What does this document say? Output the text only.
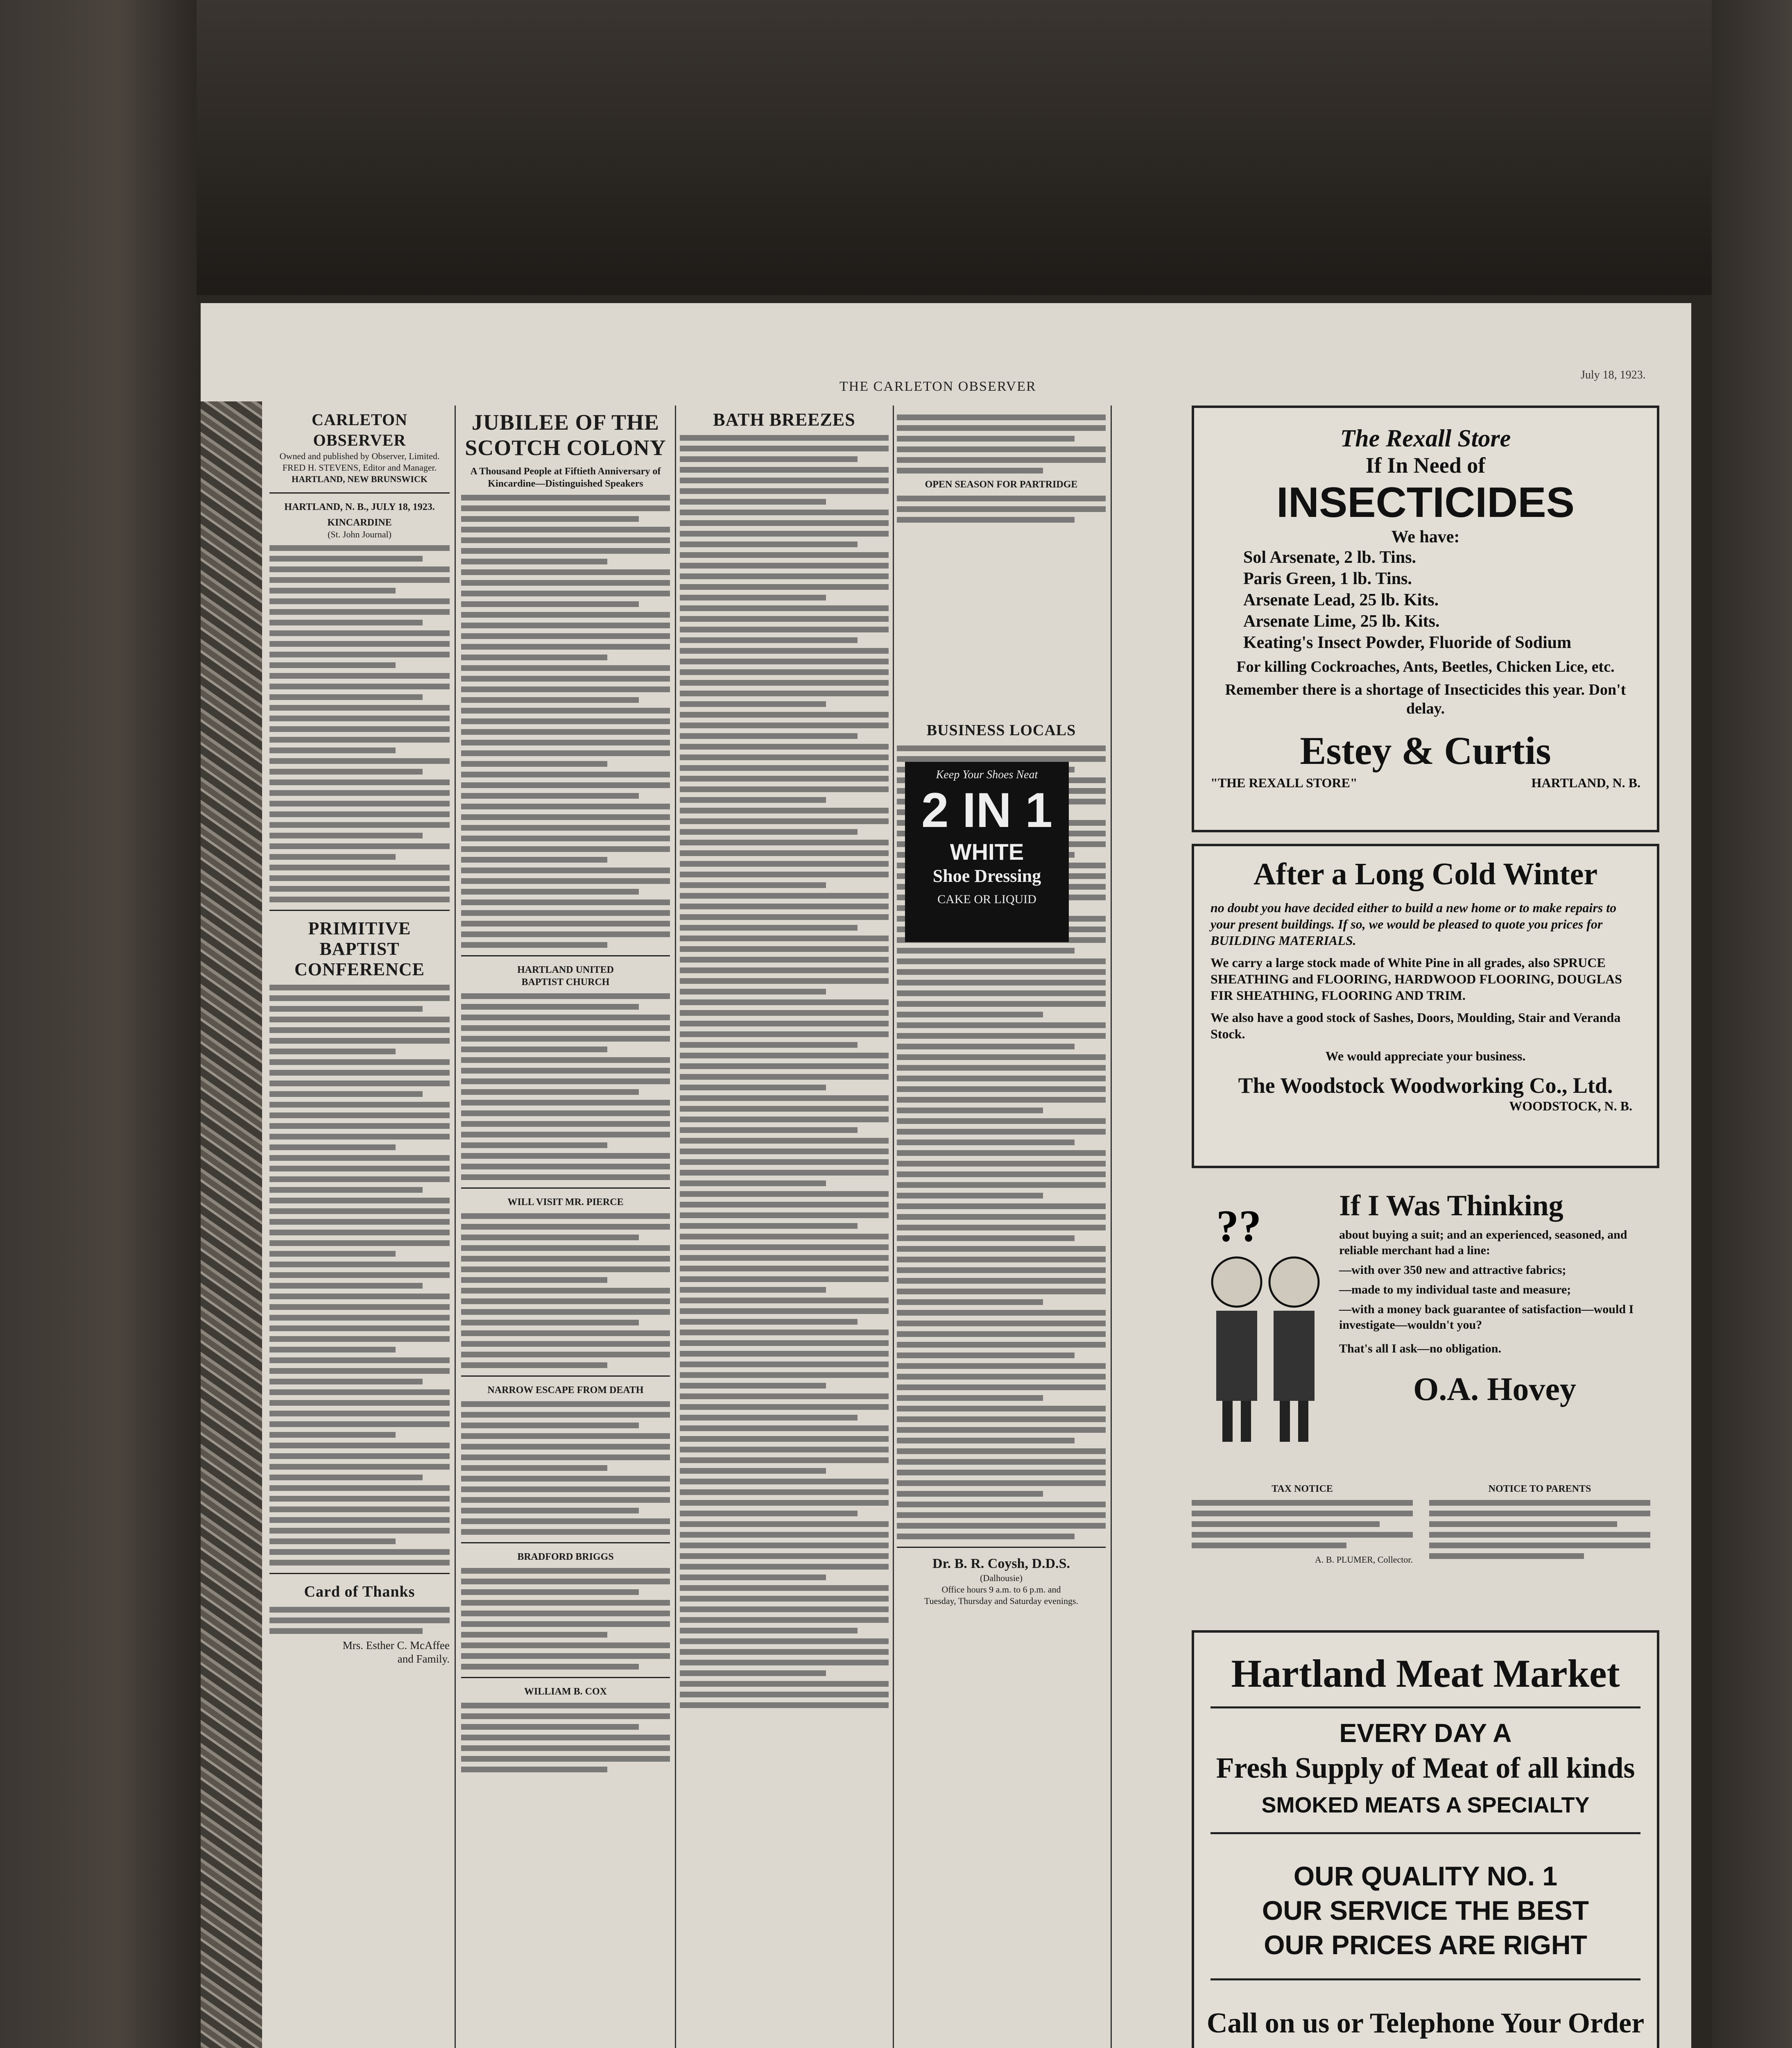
THE CARLETON OBSERVER
July 18, 1923.
CARLETON OBSERVER
Owned and published by Observer, Limited.
FRED H. STEVENS, Editor and Manager.
HARTLAND, NEW BRUNSWICK
HARTLAND, N. B., JULY 18, 1923.
KINCARDINE
(St. John Journal)
PRIMITIVE BAPTIST
CONFERENCE
Card of Thanks
Mrs. Esther C. McAffee
and Family.
JUBILEE OF THE
SCOTCH COLONY
A Thousand People at Fiftieth Anniversary of Kincardine—Distinguished Speakers
HARTLAND UNITED
BAPTIST CHURCH
WILL VISIT MR. PIERCE
NARROW ESCAPE FROM DEATH
BRADFORD BRIGGS
WILLIAM B. COX
BATH BREEZES
OPEN SEASON FOR PARTRIDGE
BUSINESS LOCALS
Dr. B. R. Coysh, D.D.S.
(Dalhousie)
Office hours 9 a.m. to 6 p.m. and
Tuesday, Thursday and Saturday evenings.
Keep Your Shoes Neat
2 IN 1
WHITE
Shoe Dressing
CAKE OR LIQUID
The Rexall Store
If In Need of
INSECTICIDES
We have:
Sol Arsenate, 2 lb. Tins.
Paris Green, 1 lb. Tins.
Arsenate Lead, 25 lb. Kits.
Arsenate Lime, 25 lb. Kits.
Keating's Insect Powder, Fluoride of Sodium
For killing Cockroaches, Ants, Beetles, Chicken Lice, etc.
Remember there is a shortage of Insecticides this year. Don't delay.
Estey & Curtis
"THE REXALL STORE"	HARTLAND, N. B.
After a Long Cold Winter
no doubt you have decided either to build a new home or to make repairs to your present buildings. If so, we would be pleased to quote you prices for BUILDING MATERIALS.
We carry a large stock made of White Pine in all grades, also SPRUCE SHEATHING and FLOORING, HARDWOOD FLOORING, DOUGLAS FIR SHEATHING, FLOORING AND TRIM.
We also have a good stock of Sashes, Doors, Moulding, Stair and Veranda Stock.
We would appreciate your business.
The Woodstock Woodworking Co., Ltd.
WOODSTOCK, N. B.
??	If I Was Thinking
about buying a suit; and an experienced, seasoned, and reliable merchant had a line:
—with over 350 new and attractive fabrics;
—made to my individual taste and measure;
—with a money back guarantee of satisfaction—would I investigate—wouldn't you?
That's all I ask—no obligation.
O.A. Hovey
TAX NOTICE
A. B. PLUMER, Collector.
NOTICE TO PARENTS
Hartland Meat Market
EVERY DAY A
Fresh Supply of Meat of all kinds
SMOKED MEATS A SPECIALTY
OUR QUALITY NO. 1
OUR SERVICE THE BEST
OUR PRICES ARE RIGHT
Call on us or Telephone Your Order
